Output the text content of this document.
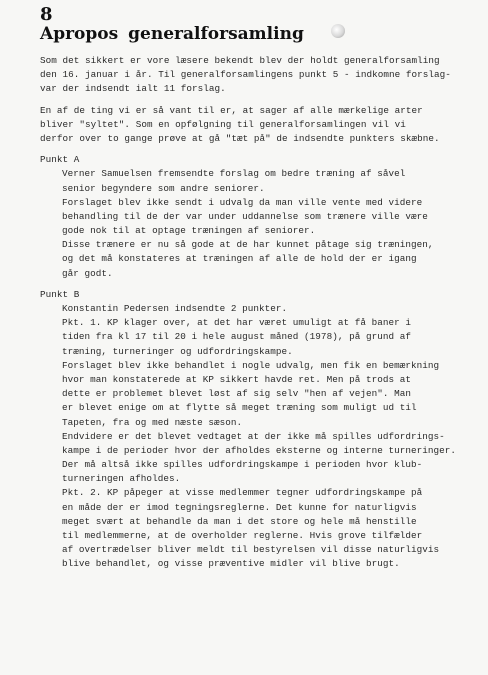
8
Apropos generalforsamling
Som det sikkert er vore læsere bekendt blev der holdt generalforsamling
den 16. januar i år. Til generalforsamlingens punkt 5 - indkomne forslag-
var der indsendt ialt 11 forslag.
En af de ting vi er så vant til er, at sager af alle mærkelige arter
bliver "syltet". Som en opfølgning til generalforsamlingen vil vi
derfor over to gange prøve at gå "tæt på" de indsendte punkters skæbne.
Punkt A
Verner Samuelsen fremsendte forslag om bedre træning af såvel
senior begyndere som andre seniorer.
Forslaget blev ikke sendt i udvalg da man ville vente med videre
behandling til de der var under uddannelse som trænere ville være
gode nok til at optage træningen af seniorer.
Disse trænere er nu så gode at de har kunnet påtage sig træningen,
og det må konstateres at træningen af alle de hold der er igang
går godt.
Punkt B
Konstantin Pedersen indsendte 2 punkter.
Pkt. 1. KP klager over, at det har været umuligt at få baner i
tiden fra kl 17 til 20 i hele august måned (1978), på grund af
træning, turneringer og udfordringskampe.
Forslaget blev ikke behandlet i nogle udvalg, men fik en bemærkning
hvor man konstaterede at KP sikkert havde ret. Men på trods at
dette er problemet blevet løst af sig selv "hen af vejen". Man
er blevet enige om at flytte så meget træning som muligt ud til
Tapeten, fra og med næste sæson.
Endvidere er det blevet vedtaget at der ikke må spilles udfordrings-
kampe i de perioder hvor der afholdes eksterne og interne turneringer.
Der må altså ikke spilles udfordringskampe i perioden hvor klub-
turneringen afholdes.
Pkt. 2. KP påpeger at visse medlemmer tegner udfordringskampe på
en måde der er imod tegningsreglerne. Det kunne for naturligvis
meget svært at behandle da man i det store og hele må henstille
til medlemmerne, at de overholder reglerne. Hvis grove tilfælder
af overtrædelser bliver meldt til bestyrelsen vil disse naturligvis
blive behandlet, og visse præventive midler vil blive brugt.
